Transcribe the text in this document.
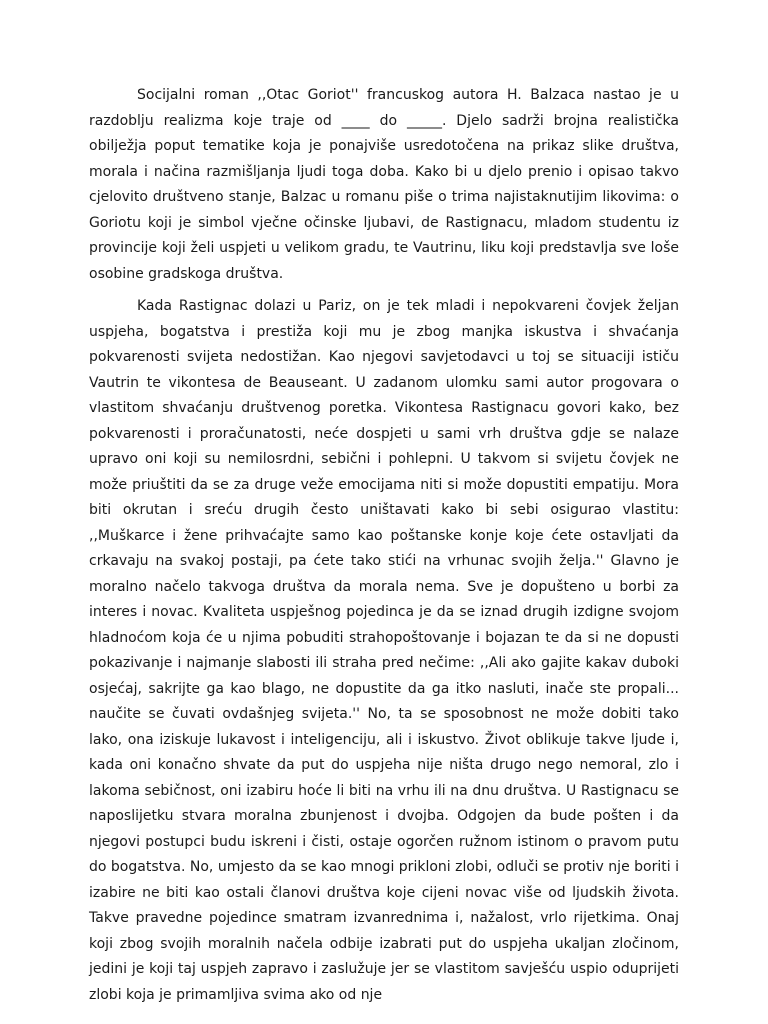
Socijalni roman ,,Otac Goriot'' francuskog autora H. Balzaca nastao je u razdoblju realizma koje traje od ____ do _____. Djelo sadrži brojna realistička obilježja poput tematike koja je ponajviše usredotočena na prikaz slike društva, morala i načina razmišljanja ljudi toga doba. Kako bi u djelo prenio i opisao takvo cjelovito društveno stanje, Balzac u romanu piše o trima najistaknutijim likovima: o Goriotu koji je simbol vječne očinske ljubavi, de Rastignacu, mladom studentu iz provincije koji želi uspjeti u velikom gradu, te Vautrinu, liku koji predstavlja sve loše osobine gradskoga društva.

Kada Rastignac dolazi u Pariz, on je tek mladi i nepokvareni čovjek željan uspjeha, bogatstva i prestiža koji mu je zbog manjka iskustva i shvaćanja pokvarenosti svijeta nedostižan. Kao njegovi savjetodavci u toj se situaciji ističu Vautrin te vikontesa de Beauseant. U zadanom ulomku sami autor progovara o vlastitom shvaćanju društvenog poretka. Vikontesa Rastignacu govori kako, bez pokvarenosti i proračunatosti, neće dospjeti u sami vrh društva gdje se nalaze upravo oni koji su nemilosrdni, sebični i pohlepni. U takvom si svijetu čovjek ne može priuštiti da se za druge veže emocijama niti si može dopustiti empatiju. Mora biti okrutan i sreću drugih često uništavati kako bi sebi osigurao vlastitu: ,,Muškarce i žene prihvaćajte samo kao poštanske konje koje ćete ostavljati da crkavaju na svakoj postaji, pa ćete tako stići na vrhunac svojih želja.'' Glavno je moralno načelo takvoga društva da morala nema. Sve je dopušteno u borbi za interes i novac. Kvaliteta uspješnog pojedinca je da se iznad drugih izdigne svojom hladnoćom koja će u njima pobuditi strahopoštovanje i bojazan te da si ne dopusti pokazivanje i najmanje slabosti ili straha pred nečime: ,,Ali ako gajite kakav duboki osjećaj, sakrijte ga kao blago, ne dopustite da ga itko nasluti, inače ste propali... naučite se čuvati ovdašnjeg svijeta.'' No, ta se sposobnost ne može dobiti tako lako, ona iziskuje lukavost i inteligenciju, ali i iskustvo. Život oblikuje takve ljude i, kada oni konačno shvate da put do uspjeha nije ništa drugo nego nemoral, zlo i lakoma sebičnost, oni izabiru hoće li biti na vrhu ili na dnu društva. U Rastignacu se naposlijetku stvara moralna zbunjenost i dvojba. Odgojen da bude pošten i da njegovi postupci budu iskreni i čisti, ostaje ogorčen ružnom istinom o pravom putu do bogatstva. No, umjesto da se kao mnogi prikloni zlobi, odluči se protiv nje boriti i izabire ne biti kao ostali članovi društva koje cijeni novac više od ljudskih života. Takve pravedne pojedince smatram izvanrednima i, nažalost, vrlo rijetkima. Onaj koji zbog svojih moralnih načela odbije izabrati put do uspjeha ukaljan zločinom, jedini je koji taj uspjeh zapravo i zaslužuje jer se vlastitom savješću uspio oduprijeti zlobi koja je primamljiva svima ako od nje
